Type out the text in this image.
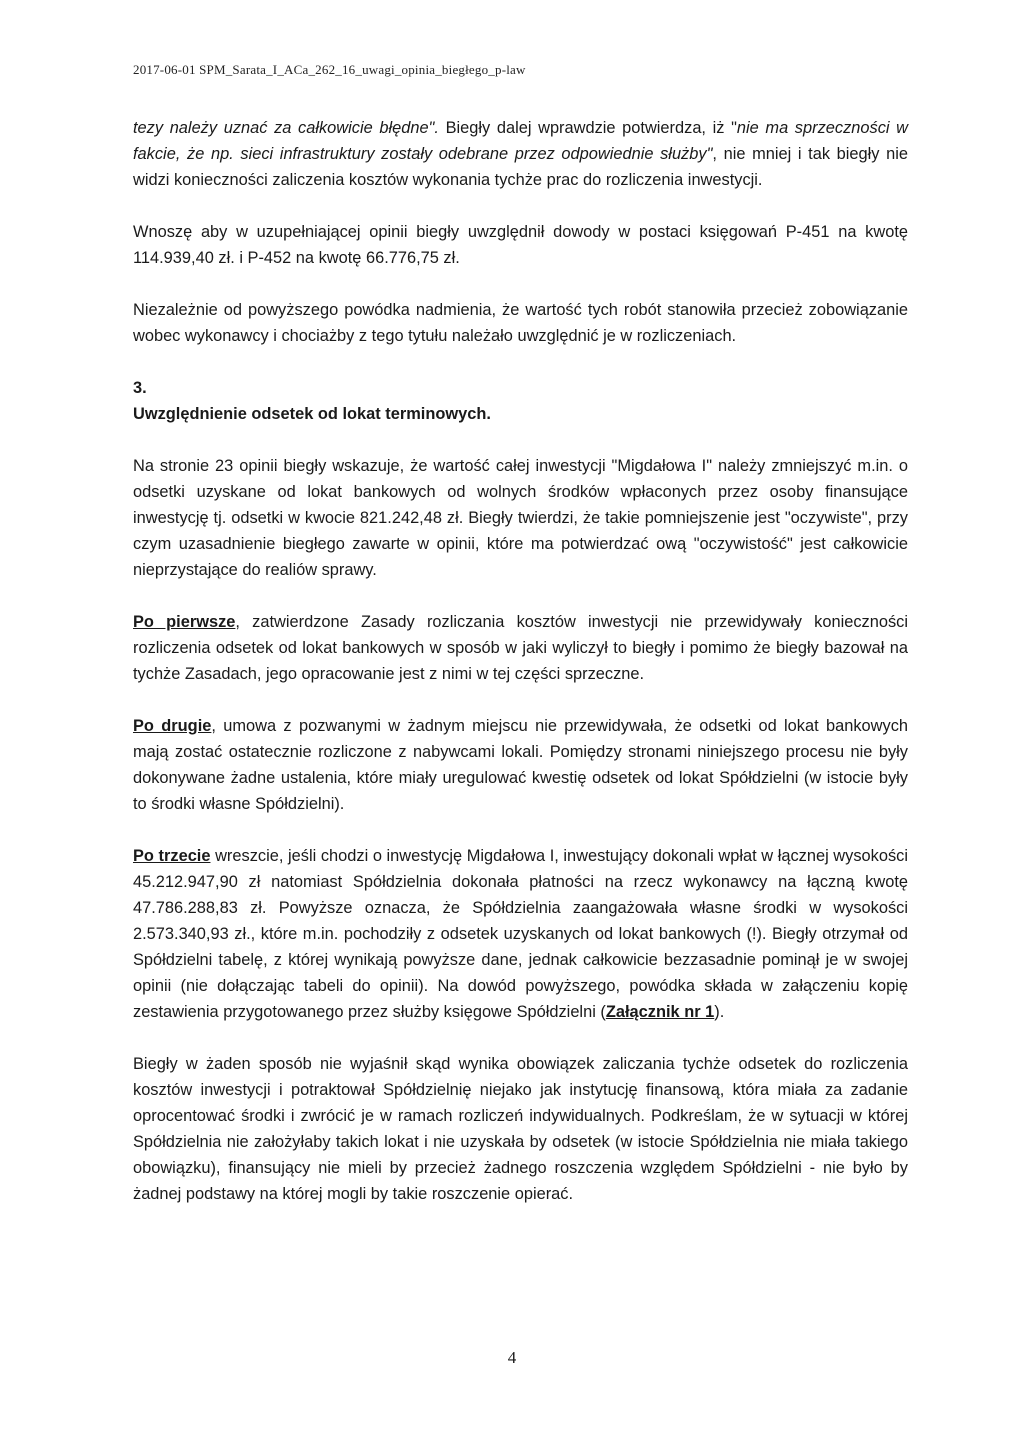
2017-06-01 SPM_Sarata_I_ACa_262_16_uwagi_opinia_biegłego_p-law

tezy należy uznać za całkowicie błędne". Biegły dalej wprawdzie potwierdza, iż "nie ma sprzeczności w fakcie, że np. sieci infrastruktury zostały odebrane przez odpowiednie służby", nie mniej i tak biegły nie widzi konieczności zaliczenia kosztów wykonania tychże prac do rozliczenia inwestycji.

Wnoszę aby w uzupełniającej opinii biegły uwzględnił dowody w postaci księgowań P-451 na kwotę 114.939,40 zł. i P-452 na kwotę 66.776,75 zł.

Niezależnie od powyższego powódka nadmienia, że wartość tych robót stanowiła przecież zobowiązanie wobec wykonawcy i chociażby z tego tytułu należało uwzględnić je w rozliczeniach.

3.

Uwzględnienie odsetek od lokat terminowych.

Na stronie 23 opinii biegły wskazuje, że wartość całej inwestycji "Migdałowa I" należy zmniejszyć m.in. o odsetki uzyskane od lokat bankowych od wolnych środków wpłaconych przez osoby finansujące inwestycję tj. odsetki w kwocie 821.242,48 zł. Biegły twierdzi, że takie pomniejszenie jest "oczywiste", przy czym uzasadnienie biegłego zawarte w opinii, które ma potwierdzać ową "oczywistość" jest całkowicie nieprzystające do realiów sprawy.

Po pierwsze, zatwierdzone Zasady rozliczania kosztów inwestycji nie przewidywały konieczności rozliczenia odsetek od lokat bankowych w sposób w jaki wyliczył to biegły i pomimo że biegły bazował na tychże Zasadach, jego opracowanie jest z nimi w tej części sprzeczne.

Po drugie, umowa z pozwanymi w żadnym miejscu nie przewidywała, że odsetki od lokat bankowych mają zostać ostatecznie rozliczone z nabywcami lokali. Pomiędzy stronami niniejszego procesu nie były dokonywane żadne ustalenia, które miały uregulować kwestię odsetek od lokat Spółdzielni (w istocie były to środki własne Spółdzielni).

Po trzecie wreszcie, jeśli chodzi o inwestycję Migdałowa I, inwestujący dokonali wpłat w łącznej wysokości 45.212.947,90 zł natomiast Spółdzielnia dokonała płatności na rzecz wykonawcy na łączną kwotę 47.786.288,83 zł. Powyższe oznacza, że Spółdzielnia zaangażowała własne środki w wysokości 2.573.340,93 zł., które m.in. pochodziły z odsetek uzyskanych od lokat bankowych (!). Biegły otrzymał od Spółdzielni tabelę, z której wynikają powyższe dane, jednak całkowicie bezzasadnie pominął je w swojej opinii (nie dołączając tabeli do opinii). Na dowód powyższego, powódka składa w załączeniu kopię zestawienia przygotowanego przez służby księgowe Spółdzielni (Załącznik nr 1).

Biegły w żaden sposób nie wyjaśnił skąd wynika obowiązek zaliczania tychże odsetek do rozliczenia kosztów inwestycji i potraktował Spółdzielnię niejako jak instytucję finansową, która miała za zadanie oprocentować środki i zwrócić je w ramach rozliczeń indywidualnych. Podkreślam, że w sytuacji w której Spółdzielnia nie założyłaby takich lokat i nie uzyskała by odsetek (w istocie Spółdzielnia nie miała takiego obowiązku), finansujący nie mieli by przecież żadnego roszczenia względem Spółdzielni - nie było by żadnej podstawy na której mogli by takie roszczenie opierać.

4
